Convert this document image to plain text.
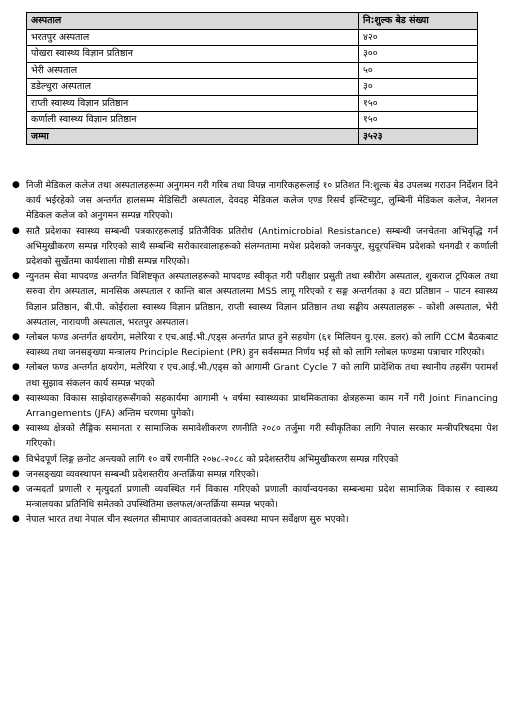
अस्पताल	नि:शुल्क बेड संख्या
भरतपुर अस्पताल	४२०
पोखरा स्वास्थ्य विज्ञान प्रतिष्ठान	३००
भेरी अस्पताल	५०
डडेल्धुरा अस्पताल	३०
राप्ती स्वास्थ्य विज्ञान प्रतिष्ठान	१५०
कर्णाली स्वास्थ्य विज्ञान प्रतिष्ठान	१५०
जम्मा	३५२३

● निजी मेडिकल कलेज तथा अस्पतालहरूमा अनुगमन गरी गरिब तथा विपन्न नागरिकहरूलाई १० प्रतिशत नि:शुल्क बेड उपलब्ध गराउन निर्देशन दिने कार्य भईरहेको जस अन्तर्गत हालसम्म मेडिसिटी अस्पताल, देवदह मेडिकल कलेज एण्ड रिसर्च इन्स्टिच्युट, लुम्बिनी मेडिकल कलेज, नेशनल मेडिकल कलेज को अनुगमन सम्पन्न गरिएको।

● सातै प्रदेशका स्वास्थ्य सम्बन्धी पत्रकारहरूलाई प्रतिजैविक प्रतिरोध (Antimicrobial Resistance) सम्बन्धी जनचेतना अभिवृद्धि गर्न अभिमुखीकरण सम्पन्न गरिएको साथै सम्बन्धि सरोकारवालाहरूको संलग्नतामा मधेश प्रदेशको जनकपुर, सुदूरपश्चिम प्रदेशको धनगढी र कर्णाली प्रदेशको सुर्खेतमा कार्यशाला गोष्ठी सम्पन्न गरिएको।

● न्युनतम सेवा मापदण्ड अन्तर्गत विशिष्टकृत अस्पतालहरूको मापदण्ड स्वीकृत गरी परीक्षार प्रसुती तथा स्त्रीरोग अस्पताल, शुकराज ट्रपिकल तथा सरुवा रोग अस्पताल, मानसिक अस्पताल र कान्ति बाल अस्पतालमा MSS लागू गरिएको र सङ्ग अन्तर्गतका ३ वटा प्रतिष्ठान – पाटन स्वास्थ्य विज्ञान प्रतिष्ठान, बी.पी. कोईराला स्वास्थ्य विज्ञान प्रतिष्ठान, राप्ती स्वास्थ्य विज्ञान प्रतिष्ठान तथा सङ्घीय अस्पतालहरू - कोशी अस्पताल, भेरी अस्पताल, नारायणी अस्पताल, भरतपुर अस्पताल।

● ग्लोबल फण्ड अन्तर्गत क्षयरोग, मलेरिया र एच.आई.भी./एड्स अन्तर्गत प्राप्त हुने सहयोग (६१ मिलियन यु.एस. डलर) को लागि CCM बैठकबाट स्वास्थ्य तथा जनसङ्ख्या मन्त्रालय Principle Recipient (PR) हुन सर्वसम्मत निर्णय भई सो को लागि ग्लोबल फण्डमा पत्राचार गरिएको।

● ग्लोबल फण्ड अन्तर्गत क्षयरोग, मलेरिया र एच.आई.भी./एड्स को आगामी Grant Cycle 7 को लागि प्रादेशिक तथा स्थानीय तहसँग परामर्श तथा सुझाव संकलन कार्य सम्पन्न भएको

● स्वास्थ्यका विकास साझेदारहरूसँगको सहकार्यमा आगामी ५ वर्षमा स्वास्थ्यका प्राथमिकताका क्षेत्रहरूमा काम गर्ने गरी Joint Financing Arrangements (JFA) अन्तिम चरणमा पुगेको।

● स्वास्थ्य क्षेत्रको लैङ्गिक समानता र सामाजिक समावेशीकरण रणनीति २०८० तर्जुमा गरी स्वीकृतिका लागि नेपाल सरकार मन्त्रीपरिषदमा पेश गरिएको।

● विभेदपूर्ण लिङ्ग छनोट अन्त्यको लागि १० वर्षे रणनीति २०७८-२०८८ को प्रदेशस्तरीय अभिमुखीकरण सम्पन्न गरिएको

● जनसङ्ख्या व्यवस्थापन सम्बन्धी प्रदेशस्तरीय अन्तर्क्रिया सम्पन्न गरिएको।

● जन्मदर्ता प्रणाली र मृत्युदर्ता प्रणाली व्यवस्थित गर्न विकास गरिएको प्रणाली कार्यान्वयनका सम्बन्धमा प्रदेश सामाजिक विकास र स्वास्थ्य मन्त्रालयका प्रतिनिधि समेतको उपस्थितिमा छलफल/अन्तर्क्रिया सम्पन्न भएको।

● नेपाल भारत तथा नेपाल चीन स्थलगत सीमापार आवतजावतको अवस्था मापन सर्वेक्षण सुरु भएको।
